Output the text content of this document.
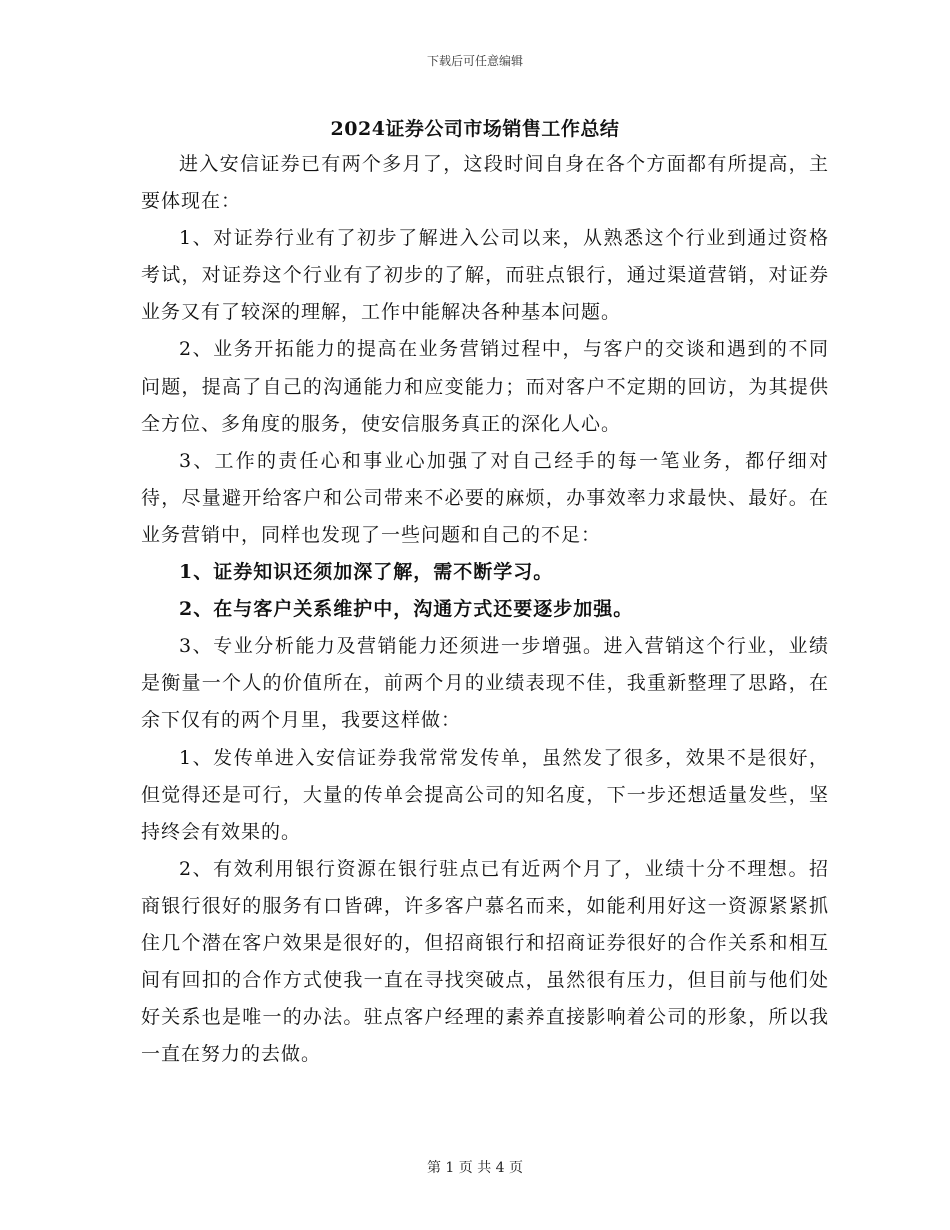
下载后可任意编辑
2024证券公司市场销售工作总结

进入安信证券已有两个多月了，这段时间自身在各个方面都有所提高，主要体现在：

1、对证券行业有了初步了解进入公司以来，从熟悉这个行业到通过资格考试，对证券这个行业有了初步的了解，而驻点银行，通过渠道营销，对证券业务又有了较深的理解，工作中能解决各种基本问题。

2、业务开拓能力的提高在业务营销过程中，与客户的交谈和遇到的不同问题，提高了自己的沟通能力和应变能力；而对客户不定期的回访，为其提供全方位、多角度的服务，使安信服务真正的深化人心。

3、工作的责任心和事业心加强了对自己经手的每一笔业务，都仔细对待，尽量避开给客户和公司带来不必要的麻烦，办事效率力求最快、最好。在业务营销中，同样也发现了一些问题和自己的不足：

1、证券知识还须加深了解，需不断学习。

2、在与客户关系维护中，沟通方式还要逐步加强。

3、专业分析能力及营销能力还须进一步增强。进入营销这个行业，业绩是衡量一个人的价值所在，前两个月的业绩表现不佳，我重新整理了思路，在余下仅有的两个月里，我要这样做：

1、发传单进入安信证券我常常发传单，虽然发了很多，效果不是很好，但觉得还是可行，大量的传单会提高公司的知名度，下一步还想适量发些，坚持终会有效果的。

2、有效利用银行资源在银行驻点已有近两个月了，业绩十分不理想。招商银行很好的服务有口皆碑，许多客户慕名而来，如能利用好这一资源紧紧抓住几个潜在客户效果是很好的，但招商银行和招商证券很好的合作关系和相互间有回扣的合作方式使我一直在寻找突破点，虽然很有压力，但目前与他们处好关系也是唯一的办法。驻点客户经理的素养直接影响着公司的形象，所以我一直在努力的去做。

第 1 页 共 4 页
